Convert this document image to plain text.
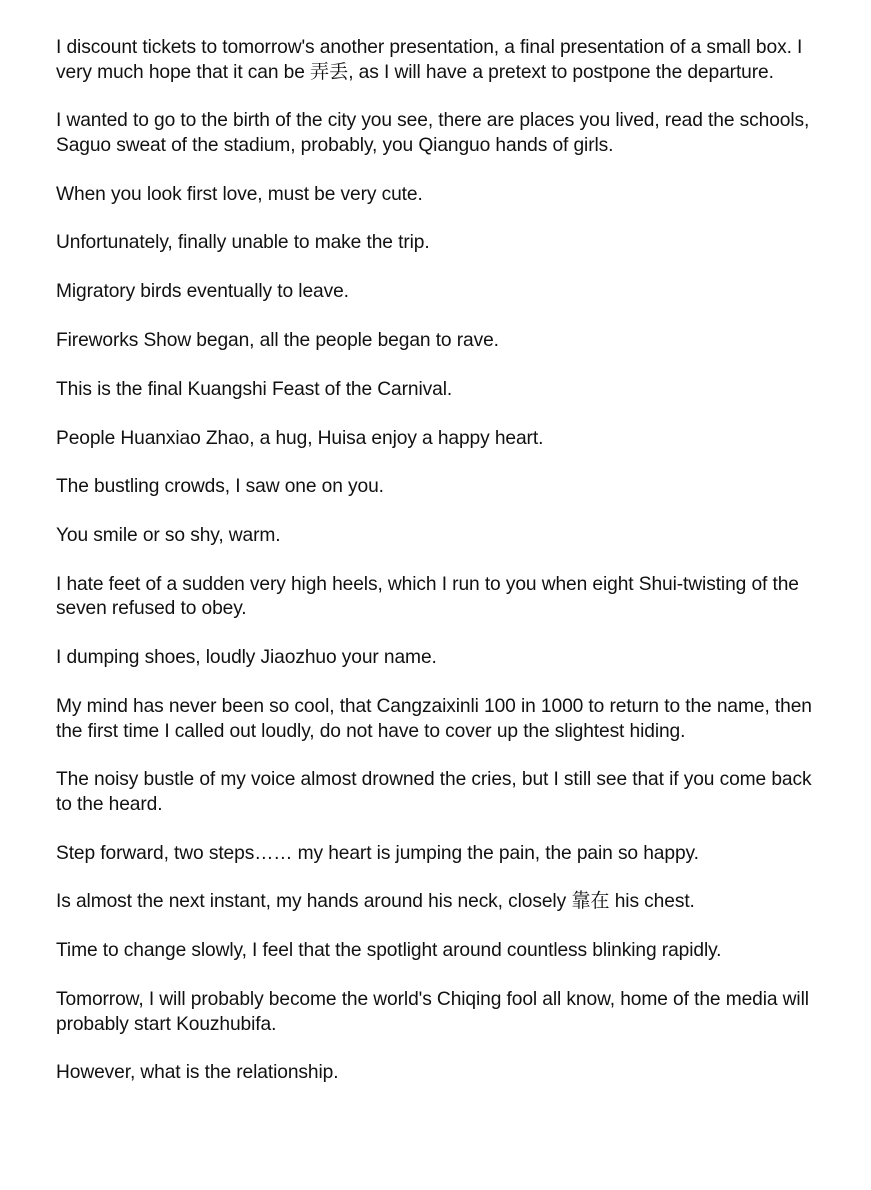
I discount tickets to tomorrow's another presentation, a final presentation of a small box. I very much hope that it can be 弄丢, as I will have a pretext to postpone the departure.

I wanted to go to the birth of the city you see, there are places you lived, read the schools, Saguo sweat of the stadium, probably, you Qianguo hands of girls.

When you look first love, must be very cute.

Unfortunately, finally unable to make the trip.

Migratory birds eventually to leave.

Fireworks Show began, all the people began to rave.

This is the final Kuangshi Feast of the Carnival.

People Huanxiao Zhao, a hug, Huisa enjoy a happy heart.

The bustling crowds, I saw one on you.

You smile or so shy, warm.

I hate feet of a sudden very high heels, which I run to you when eight Shui-twisting of the seven refused to obey.

I dumping shoes, loudly Jiaozhuo your name.

My mind has never been so cool, that Cangzaixinli 100 in 1000 to return to the name, then the first time I called out loudly, do not have to cover up the slightest hiding.

The noisy bustle of my voice almost drowned the cries, but I still see that if you come back to the heard.

Step forward, two steps…… my heart is jumping the pain, the pain so happy.

Is almost the next instant, my hands around his neck, closely 靠在 his chest.

Time to change slowly, I feel that the spotlight around countless blinking rapidly.

Tomorrow, I will probably become the world's Chiqing fool all know, home of the media will probably start Kouzhubifa.

However, what is the relationship.
